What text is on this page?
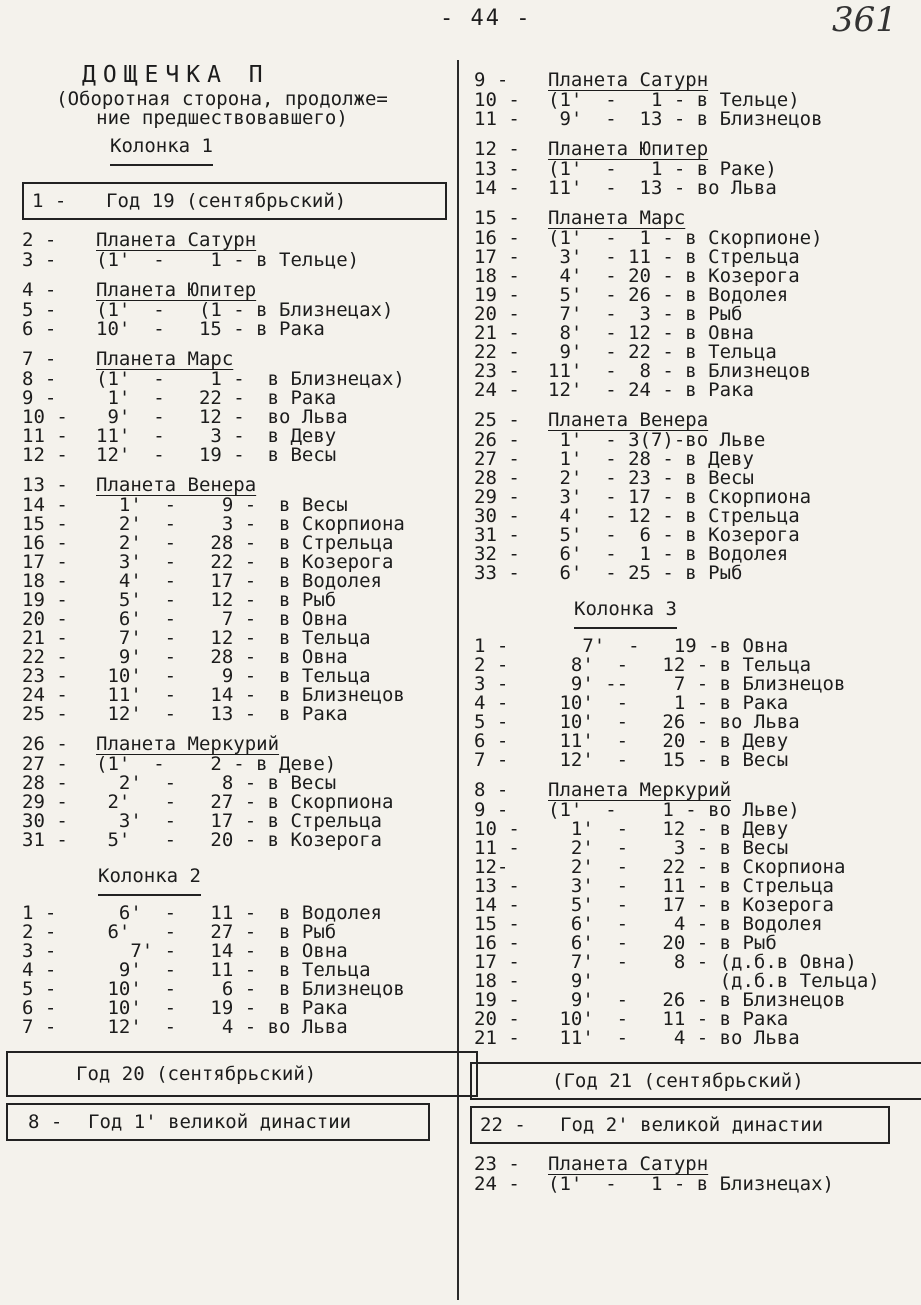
- 44 -	361
ДОЩЕЧКА П
(Оборотная сторона, продолже=
ние предшествовавшего)
Колонка 1
1 - Год 19 (сентябрьский)
2 -	Планета Сатурн
3 -	(1'  -    1 - в Тельце)
4 -	Планета Юпитер
5 -	(1'  -   (1 - в Близнецах)
6 -	10'  -   15 - в Рака
7 -	Планета Марс
8 -	(1'  -    1 -  в Близнецах)
9 -	1'  -   22 -  в Рака
10 -	9'  -   12 -  во Льва
11 -	11'  -    3 -  в Деву
12 -	12'  -   19 -  в Весы
13 -	Планета Венера
14 -	1'  -    9 -  в Весы
15 -	2'  -    3 -  в Скорпиона
16 -	2'  -   28 -  в Стрельца
17 -	3'  -   22 -  в Козерога
18 -	4'  -   17 -  в Водолея
19 -	5'  -   12 -  в Рыб
20 -	6'  -    7 -  в Овна
21 -	7'  -   12 -  в Тельца
22 -	9'  -   28 -  в Овна
23 -	10'  -    9 -  в Тельца
24 -	11'  -   14 -  в Близнецов
25 -	12'  -   13 -  в Рака
26 -	Планета Меркурий
27 -	(1'  -    2 - в Деве)
28 -	2'  -    8 - в Весы
29 -	2'   -   27 - в Скорпиона
30 -	3'  -   17 - в Стрельца
31 -	5'   -   20 - в Козерога
Колонка 2
1 -	6'  -   11 -  в Водолея
2 -	6'   -   27 -  в Рыб
3 -	7' -   14 -  в Овна
4 -	9'  -   11 -  в Тельца
5 -	10'  -    6 -  в Близнецов
6 -	10'  -   19 -  в Рака
7 -	12'  -    4 - во Льва
Год 20 (сентябрьский)
8 - Год 1' великой династии
9 -	Планета Сатурн
10 -	(1'  -   1 - в Тельце)
11 -	9'  -  13 - в Близнецов
12 -	Планета Юпитер
13 -	(1'  -   1 - в Раке)
14 -	11'  -  13 - во Льва
15 -	Планета Марс
16 -	(1'  -  1 - в Скорпионе)
17 -	3'  - 11 - в Стрельца
18 -	4'  - 20 - в Козерога
19 -	5'  - 26 - в Водолея
20 -	7'  -  3 - в Рыб
21 -	8'  - 12 - в Овна
22 -	9'  - 22 - в Тельца
23 -	11'  -  8 - в Близнецов
24 -	12'  - 24 - в Рака
25 -	Планета Венера
26 -	1'  - 3(7)-во Льве
27 -	1'  - 28 - в Деву
28 -	2'  - 23 - в Весы
29 -	3'  - 17 - в Скорпиона
30 -	4'  - 12 - в Стрельца
31 -	5'  -  6 - в Козерога
32 -	6'  -  1 - в Водолея
33 -	6'  - 25 - в Рыб
Колонка 3
1 -	7'  -   19 -в Овна
2 -	8'  -   12 - в Тельца
3 -	9' --    7 - в Близнецов
4 -	10'  -    1 - в Рака
5 -	10'  -   26 - во Льва
6 -	11'  -   20 - в Деву
7 -	12'  -   15 - в Весы
8 -	Планета Меркурий
9 -	(1'  -    1 - во Льве)
10 -	1'  -   12 - в Деву
11 -	2'  -    3 - в Весы
12-	2'  -   22 - в Скорпиона
13 -	3'  -   11 - в Стрельца
14 -	5'  -   17 - в Козерога
15 -	6'  -    4 - в Водолея
16 -	6'  -   20 - в Рыб
17 -	7'  -    8 - (д.б.в Овна)
18 -	9'           (д.б.в Тельца)
19 -	9'  -   26 - в Близнецов
20 -	10'  -   11 - в Рака
21 -	11'  -    4 - во Льва
(Год 21 (сентябрьский)
22 - Год 2' великой династии
23 -	Планета Сатурн
24 -	(1'  -   1 - в Близнецах)
